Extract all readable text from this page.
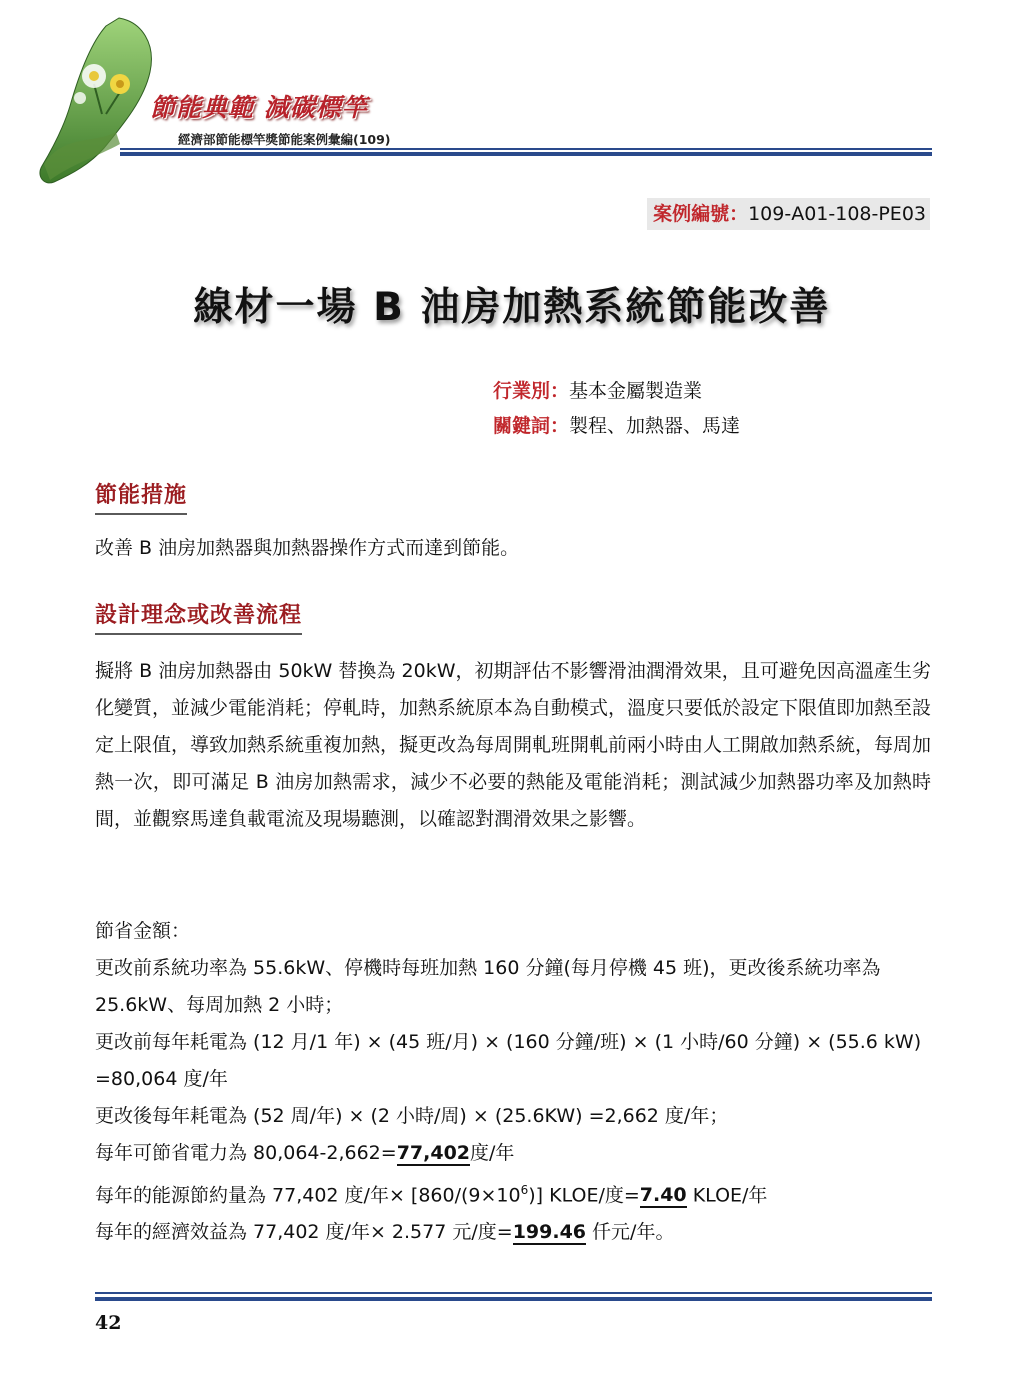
節能典範 減碳標竿
經濟部節能標竿獎節能案例彙編(109)
案例編號：109-A01-108-PE03
線材一場 B 油房加熱系統節能改善
行業別：基本金屬製造業
關鍵詞：製程、加熱器、馬達
節能措施
改善 B 油房加熱器與加熱器操作方式而達到節能。
設計理念或改善流程
擬將 B 油房加熱器由 50kW 替換為 20kW，初期評估不影響滑油潤滑效果，且可避免因高溫產生劣化變質，並減少電能消耗；停軋時，加熱系統原本為自動模式，溫度只要低於設定下限值即加熱至設定上限值，導致加熱系統重複加熱，擬更改為每周開軋班開軋前兩小時由人工開啟加熱系統，每周加熱一次，即可滿足 B 油房加熱需求，減少不必要的熱能及電能消耗；測試減少加熱器功率及加熱時間，並觀察馬達負載電流及現場聽測，以確認對潤滑效果之影響。
節省金額：
更改前系統功率為 55.6kW、停機時每班加熱 160 分鐘(每月停機 45 班)，更改後系統功率為 25.6kW、每周加熱 2 小時；
更改前每年耗電為 (12 月/1 年) × (45 班/月) × (160 分鐘/班) × (1 小時/60 分鐘) × (55.6 kW) =80,064 度/年
更改後每年耗電為 (52 周/年) × (2 小時/周) × (25.6KW) =2,662 度/年；
每年可節省電力為 80,064-2,662=77,402度/年
每年的能源節約量為 77,402 度/年× $[860/(9\times 10^6)]$ KLOE/度=7.40 KLOE/年
每年的經濟效益為 77,402 度/年× 2.577 元/度=199.46 仟元/年。
42
